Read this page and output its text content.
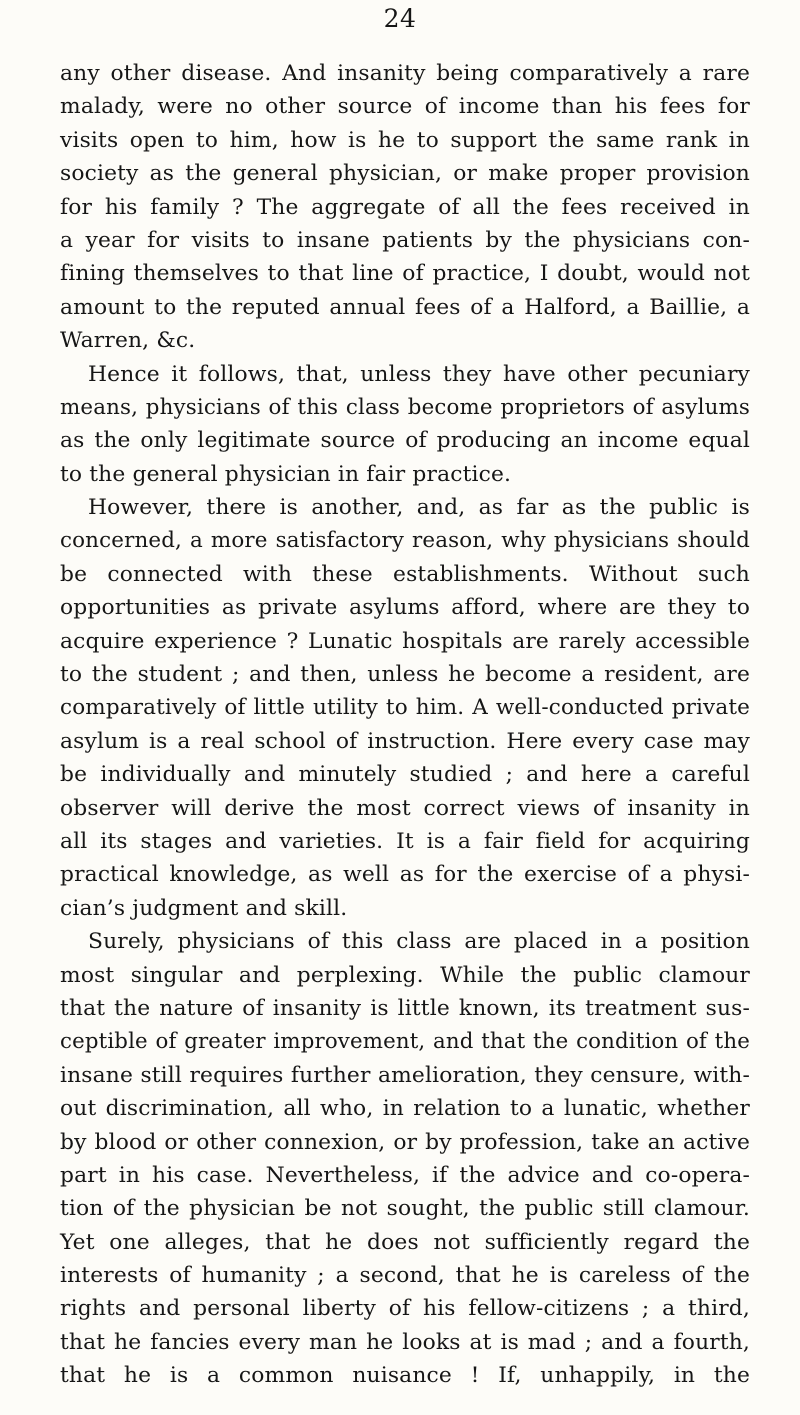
24
any other disease. And insanity being comparatively a rare
malady, were no other source of income than his fees for
visits open to him, how is he to support the same rank in
society as the general physician, or make proper provision
for his family ? The aggregate of all the fees received in
a year for visits to insane patients by the physicians con-
fining themselves to that line of practice, I doubt, would not
amount to the reputed annual fees of a Halford, a Baillie, a
Warren, &c.
Hence it follows, that, unless they have other pecuniary
means, physicians of this class become proprietors of asylums
as the only legitimate source of producing an income equal
to the general physician in fair practice.
However, there is another, and, as far as the public is
concerned, a more satisfactory reason, why physicians should
be connected with these establishments. Without such
opportunities as private asylums afford, where are they to
acquire experience ? Lunatic hospitals are rarely accessible
to the student ; and then, unless he become a resident, are
comparatively of little utility to him. A well-conducted private
asylum is a real school of instruction. Here every case may
be individually and minutely studied ; and here a careful
observer will derive the most correct views of insanity in
all its stages and varieties. It is a fair field for acquiring
practical knowledge, as well as for the exercise of a physi-
cian’s judgment and skill.
Surely, physicians of this class are placed in a position
most singular and perplexing. While the public clamour
that the nature of insanity is little known, its treatment sus-
ceptible of greater improvement, and that the condition of the
insane still requires further amelioration, they censure, with-
out discrimination, all who, in relation to a lunatic, whether
by blood or other connexion, or by profession, take an active
part in his case. Nevertheless, if the advice and co-opera-
tion of the physician be not sought, the public still clamour.
Yet one alleges, that he does not sufficiently regard the
interests of humanity ; a second, that he is careless of the
rights and personal liberty of his fellow-citizens ; a third,
that he fancies every man he looks at is mad ; and a fourth,
that he is a common nuisance ! If, unhappily, in the
